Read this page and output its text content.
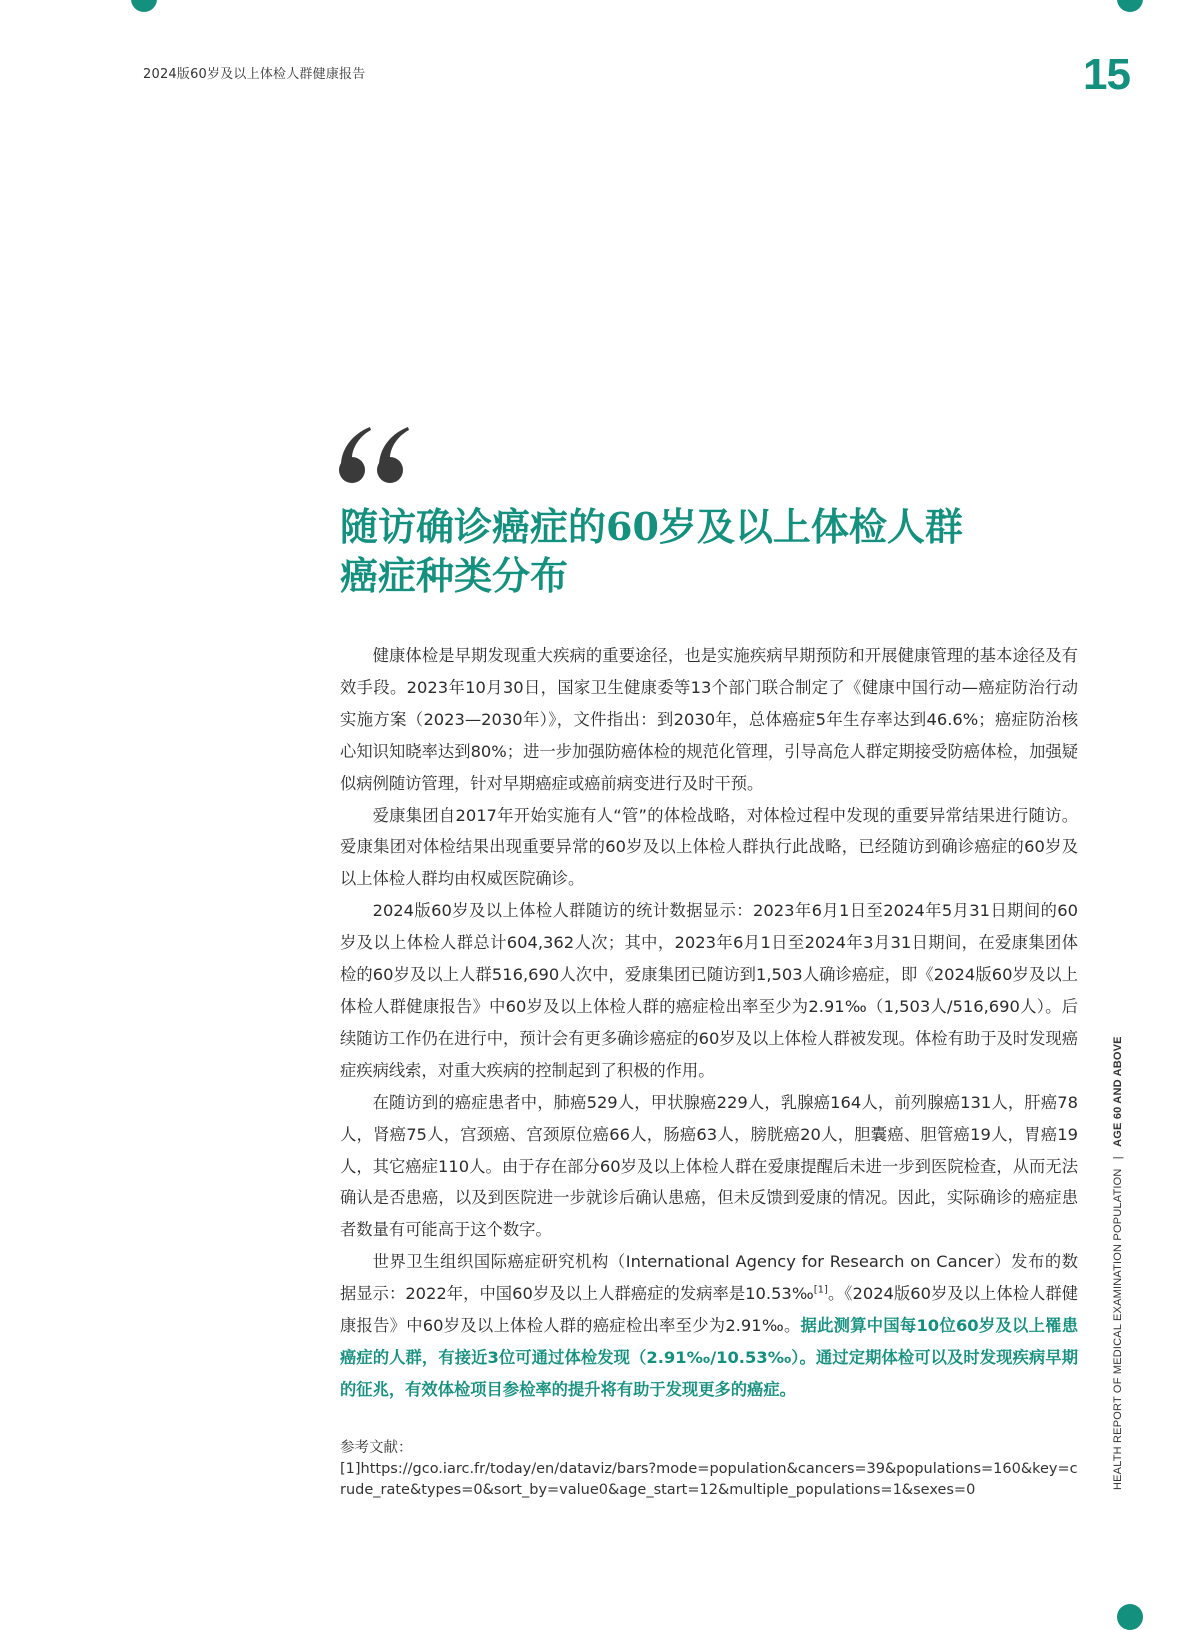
2024版60岁及以上体检人群健康报告	15
随访确诊癌症的60岁及以上体检人群
癌症种类分布

健康体检是早期发现重大疾病的重要途径，也是实施疾病早期预防和开展健康管理的基本途径及有效手段。2023年10月30日，国家卫生健康委等13个部门联合制定了《健康中国行动—癌症防治行动实施方案（2023—2030年）》，文件指出：到2030年，总体癌症5年生存率达到46.6%；癌症防治核心知识知晓率达到80%；进一步加强防癌体检的规范化管理，引导高危人群定期接受防癌体检，加强疑似病例随访管理，针对早期癌症或癌前病变进行及时干预。

爱康集团自2017年开始实施有人“管”的体检战略，对体检过程中发现的重要异常结果进行随访。爱康集团对体检结果出现重要异常的60岁及以上体检人群执行此战略，已经随访到确诊癌症的60岁及以上体检人群均由权威医院确诊。

2024版60岁及以上体检人群随访的统计数据显示：2023年6月1日至2024年5月31日期间的60岁及以上体检人群总计604,362人次；其中，2023年6月1日至2024年3月31日期间，在爱康集团体检的60岁及以上人群516,690人次中，爱康集团已随访到1,503人确诊癌症，即《2024版60岁及以上体检人群健康报告》中60岁及以上体检人群的癌症检出率至少为2.91‰（1,503人/516,690人）。后续随访工作仍在进行中，预计会有更多确诊癌症的60岁及以上体检人群被发现。体检有助于及时发现癌症疾病线索，对重大疾病的控制起到了积极的作用。

在随访到的癌症患者中，肺癌529人，甲状腺癌229人，乳腺癌164人，前列腺癌131人，肝癌78人，肾癌75人，宫颈癌、宫颈原位癌66人，肠癌63人，膀胱癌20人，胆囊癌、胆管癌19人，胃癌19人，其它癌症110人。由于存在部分60岁及以上体检人群在爱康提醒后未进一步到医院检查，从而无法确认是否患癌，以及到医院进一步就诊后确认患癌，但未反馈到爱康的情况。因此，实际确诊的癌症患者数量有可能高于这个数字。

世界卫生组织国际癌症研究机构（International Agency for Research on Cancer）发布的数据显示：2022年，中国60岁及以上人群癌症的发病率是10.53‰[1]。《2024版60岁及以上体检人群健康报告》中60岁及以上体检人群的癌症检出率至少为2.91‰。据此测算中国每10位60岁及以上罹患癌症的人群，有接近3位可通过体检发现（2.91‰/10.53‰）。通过定期体检可以及时发现疾病早期的征兆，有效体检项目参检率的提升将有助于发现更多的癌症。

参考文献：
[1]https://gco.iarc.fr/today/en/dataviz/bars?mode=population&cancers=39&populations=160&key=crude_rate&types=0&sort_by=value0&age_start=12&multiple_populations=1&sexes=0	HEALTH REPORT OF MEDICAL EXAMINATION POPULATION | AGE 60 AND ABOVE
